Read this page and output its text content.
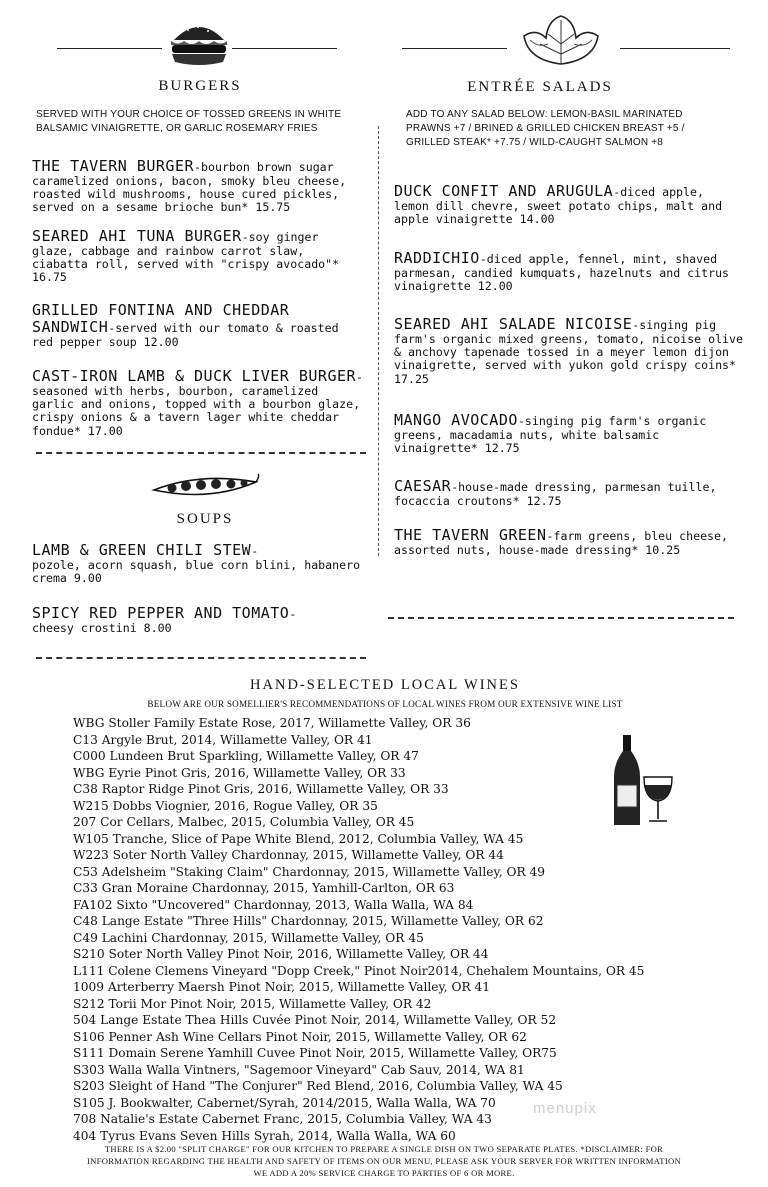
BURGERS
SERVED WITH YOUR CHOICE OF TOSSED GREENS IN WHITE BALSAMIC VINAIGRETTE, OR GARLIC ROSEMARY FRIES
THE TAVERN BURGER-bourbon brown sugar caramelized onions, bacon, smoky bleu cheese, roasted wild mushrooms, house cured pickles, served on a sesame brioche bun* 15.75
SEARED AHI TUNA BURGER-soy ginger glaze, cabbage and rainbow carrot slaw, ciabatta roll, served with "crispy avocado"* 16.75
GRILLED FONTINA AND CHEDDAR SANDWICH-served with our tomato & roasted red pepper soup 12.00
CAST-IRON LAMB & DUCK LIVER BURGER-seasoned with herbs, bourbon, caramelized garlic and onions, topped with a bourbon glaze, crispy onions & a tavern lager white cheddar fondue* 17.00
SOUPS
LAMB & GREEN CHILI STEW-
pozole, acorn squash, blue corn blini, habanero crema 9.00
SPICY RED PEPPER AND TOMATO-
cheesy crostini 8.00
ENTRÉE SALADS
ADD TO ANY SALAD BELOW: LEMON-BASIL MARINATED PRAWNS +7 / BRINED & GRILLED CHICKEN BREAST +5 / GRILLED STEAK* +7.75 / WILD-CAUGHT SALMON +8
DUCK CONFIT AND ARUGULA-diced apple, lemon dill chevre, sweet potato chips, malt and apple vinaigrette 14.00
RADDICHIO-diced apple, fennel, mint, shaved parmesan, candied kumquats, hazelnuts and citrus vinaigrette 12.00
SEARED AHI SALADE NICOISE-singing pig farm's organic mixed greens, tomato, nicoise olive & anchovy tapenade tossed in a meyer lemon dijon vinaigrette, served with yukon gold crispy coins* 17.25
MANGO AVOCADO-singing pig farm's organic greens, macadamia nuts, white balsamic vinaigrette* 12.75
CAESAR-house-made dressing, parmesan tuille, focaccia croutons* 12.75
THE TAVERN GREEN-farm greens, bleu cheese, assorted nuts, house-made dressing* 10.25
HAND-SELECTED LOCAL WINES
BELOW ARE OUR SOMELLIER'S RECOMMENDATIONS OF LOCAL WINES FROM OUR EXTENSIVE WINE LIST
WBG Stoller Family Estate Rose, 2017, Willamette Valley, OR 36
C13 Argyle Brut, 2014, Willamette Valley, OR 41
C000 Lundeen Brut Sparkling, Willamette Valley, OR 47
WBG Eyrie Pinot Gris, 2016, Willamette Valley, OR 33
C38 Raptor Ridge Pinot Gris, 2016, Willamette Valley, OR 33
W215 Dobbs Viognier, 2016, Rogue Valley, OR 35
207 Cor Cellars, Malbec, 2015, Columbia Valley, OR 45
W105 Tranche, Slice of Pape White Blend, 2012, Columbia Valley, WA 45
W223 Soter North Valley Chardonnay, 2015, Willamette Valley, OR 44
C53 Adelsheim "Staking Claim" Chardonnay, 2015, Willamette Valley, OR 49
C33 Gran Moraine Chardonnay, 2015, Yamhill-Carlton, OR 63
FA102 Sixto "Uncovered" Chardonnay, 2013, Walla Walla, WA 84
C48 Lange Estate "Three Hills" Chardonnay, 2015, Willamette Valley, OR 62
C49 Lachini Chardonnay, 2015, Willamette Valley, OR 45
S210 Soter North Valley Pinot Noir, 2016, Willamette Valley, OR 44
L111 Colene Clemens Vineyard "Dopp Creek," Pinot Noir2014, Chehalem Mountains, OR 45
1009 Arterberry Maersh Pinot Noir, 2015, Willamette Valley, OR 41
S212 Torii Mor Pinot Noir, 2015, Willamette Valley, OR 42
504 Lange Estate Thea Hills Cuvée Pinot Noir, 2014, Willamette Valley, OR 52
S106 Penner Ash Wine Cellars Pinot Noir, 2015, Willamette Valley, OR 62
S111 Domain Serene Yamhill Cuvee Pinot Noir, 2015, Willamette Valley, OR75
S303 Walla Walla Vintners, "Sagemoor Vineyard" Cab Sauv, 2014, WA 81
S203 Sleight of Hand "The Conjurer" Red Blend, 2016, Columbia Valley, WA 45
S105 J. Bookwalter, Cabernet/Syrah, 2014/2015, Walla Walla, WA 70
708 Natalie's Estate Cabernet Franc, 2015, Columbia Valley, WA 43
404 Tyrus Evans Seven Hills Syrah, 2014, Walla Walla, WA 60
menupix
THERE IS A $2.00 "SPLIT CHARGE" FOR OUR KITCHEN TO PREPARE A SINGLE DISH ON TWO SEPARATE PLATES. *DISCLAIMER: FOR
INFORMATION REGARDING THE HEALTH AND SAFETY OF ITEMS ON OUR MENU, PLEASE ASK YOUR SERVER FOR WRITTEN INFORMATION
WE ADD A 20% SERVICE CHARGE TO PARTIES OF 6 OR MORE.
